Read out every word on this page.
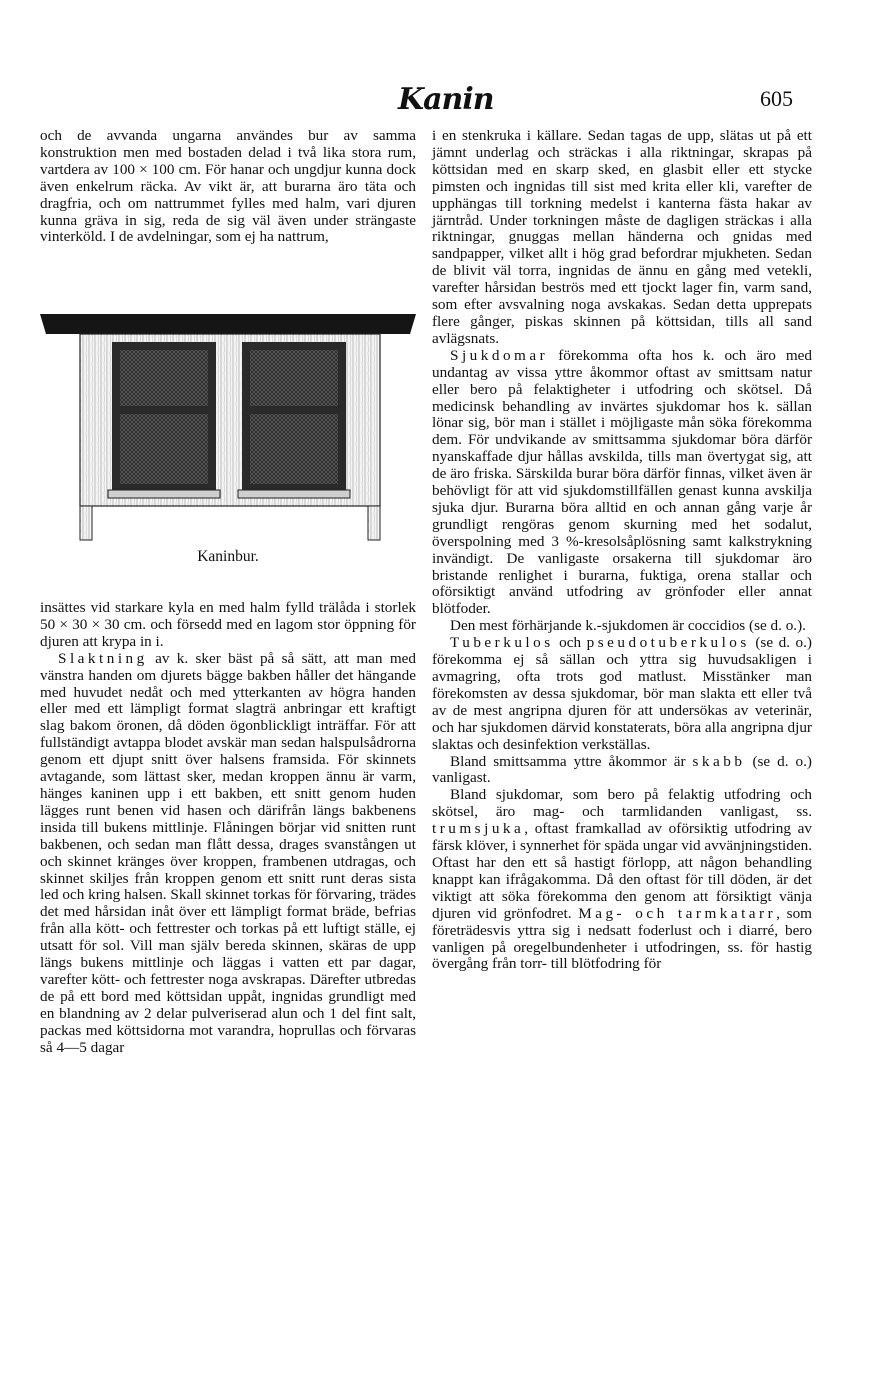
Kanin	605

och de avvanda ungarna användes bur av samma konstruktion men med bostaden delad i två lika stora rum, vartdera av 100 × 100 cm. För hanar och ungdjur kunna dock även enkelrum räcka. Av vikt är, att burarna äro täta och dragfria, och om nattrummet fylles med halm, vari djuren kunna gräva in sig, reda de sig väl även under strängaste vinterköld. I de avdelningar, som ej ha nattrum,

Kaninbur.

insättes vid starkare kyla en med halm fylld trälåda i storlek 50 × 30 × 30 cm. och försedd med en lagom stor öppning för djuren att krypa in i.

Slaktning av k. sker bäst på så sätt, att man med vänstra handen om djurets bägge bakben håller det hängande med huvudet nedåt och med ytterkanten av högra handen eller med ett lämpligt format slagträ anbringar ett kraftigt slag bakom öronen, då döden ögonblickligt inträffar. För att fullständigt avtappa blodet avskär man sedan halspulsådrorna genom ett djupt snitt över halsens framsida. För skinnets avtagande, som lättast sker, medan kroppen ännu är varm, hänges kaninen upp i ett bakben, ett snitt genom huden lägges runt benen vid hasen och därifrån längs bakbenens insida till bukens mittlinje. Flåningen börjar vid snitten runt bakbenen, och sedan man flått dessa, drages svanstången ut och skinnet kränges över kroppen, frambenen utdragas, och skinnet skiljes från kroppen genom ett snitt runt deras sista led och kring halsen. Skall skinnet torkas för förvaring, trädes det med hårsidan inåt över ett lämpligt format bräde, befrias från alla kött- och fettrester och torkas på ett luftigt ställe, ej utsatt för sol. Vill man själv bereda skinnen, skäras de upp längs bukens mittlinje och läggas i vatten ett par dagar, varefter kött- och fettrester noga avskrapas. Därefter utbredas de på ett bord med köttsidan uppåt, ingnidas grundligt med en blandning av 2 delar pulveriserad alun och 1 del fint salt, packas med köttsidorna mot varandra, hoprullas och förvaras så 4—5 dagar

i en stenkruka i källare. Sedan tagas de upp, slätas ut på ett jämnt underlag och sträckas i alla riktningar, skrapas på köttsidan med en skarp sked, en glasbit eller ett stycke pimsten och ingnidas till sist med krita eller kli, varefter de upphängas till torkning medelst i kanterna fästa hakar av järntråd. Under torkningen måste de dagligen sträckas i alla riktningar, gnuggas mellan händerna och gnidas med sandpapper, vilket allt i hög grad befordrar mjukheten. Sedan de blivit väl torra, ingnidas de ännu en gång med vetekli, varefter hårsidan beströs med ett tjockt lager fin, varm sand, som efter avsvalning noga avskakas. Sedan detta upprepats flere gånger, piskas skinnen på köttsidan, tills all sand avlägsnats.

Sjukdomar förekomma ofta hos k. och äro med undantag av vissa yttre åkommor oftast av smittsam natur eller bero på felaktigheter i utfodring och skötsel. Då medicinsk behandling av invärtes sjukdomar hos k. sällan lönar sig, bör man i stället i möjligaste mån söka förekomma dem. För undvikande av smittsamma sjukdomar böra därför nyanskaffade djur hållas avskilda, tills man övertygat sig, att de äro friska. Särskilda burar böra därför finnas, vilket även är behövligt för att vid sjukdomstillfällen genast kunna avskilja sjuka djur. Burarna böra alltid en och annan gång varje år grundligt rengöras genom skurning med het sodalut, överspolning med 3 %-kresolsåplösning samt kalkstrykning invändigt. De vanligaste orsakerna till sjukdomar äro bristande renlighet i burarna, fuktiga, orena stallar och oförsiktigt använd utfodring av grönfoder eller annat blötfoder.

Den mest förhärjande k.-sjukdomen är coccidios (se d. o.).

Tuberkulos och pseudotuberkulos (se d. o.) förekomma ej så sällan och yttra sig huvudsakligen i avmagring, ofta trots god matlust. Misstänker man förekomsten av dessa sjukdomar, bör man slakta ett eller två av de mest angripna djuren för att undersökas av veterinär, och har sjukdomen därvid konstaterats, böra alla angripna djur slaktas och desinfektion verkställas.

Bland smittsamma yttre åkommor är skabb (se d. o.) vanligast.

Bland sjukdomar, som bero på felaktig utfodring och skötsel, äro mag- och tarmlidanden vanligast, ss. trumsjuka, oftast framkallad av oförsiktig utfodring av färsk klöver, i synnerhet för späda ungar vid avvänjningstiden. Oftast har den ett så hastigt förlopp, att någon behandling knappt kan ifrågakomma. Då den oftast för till döden, är det viktigt att söka förekomma den genom att försiktigt vänja djuren vid grönfodret. Mag- och tarmkatarr, som företrädesvis yttra sig i nedsatt foderlust och i diarré, bero vanligen på oregelbundenheter i utfodringen, ss. för hastig övergång från torr- till blötfodring för
